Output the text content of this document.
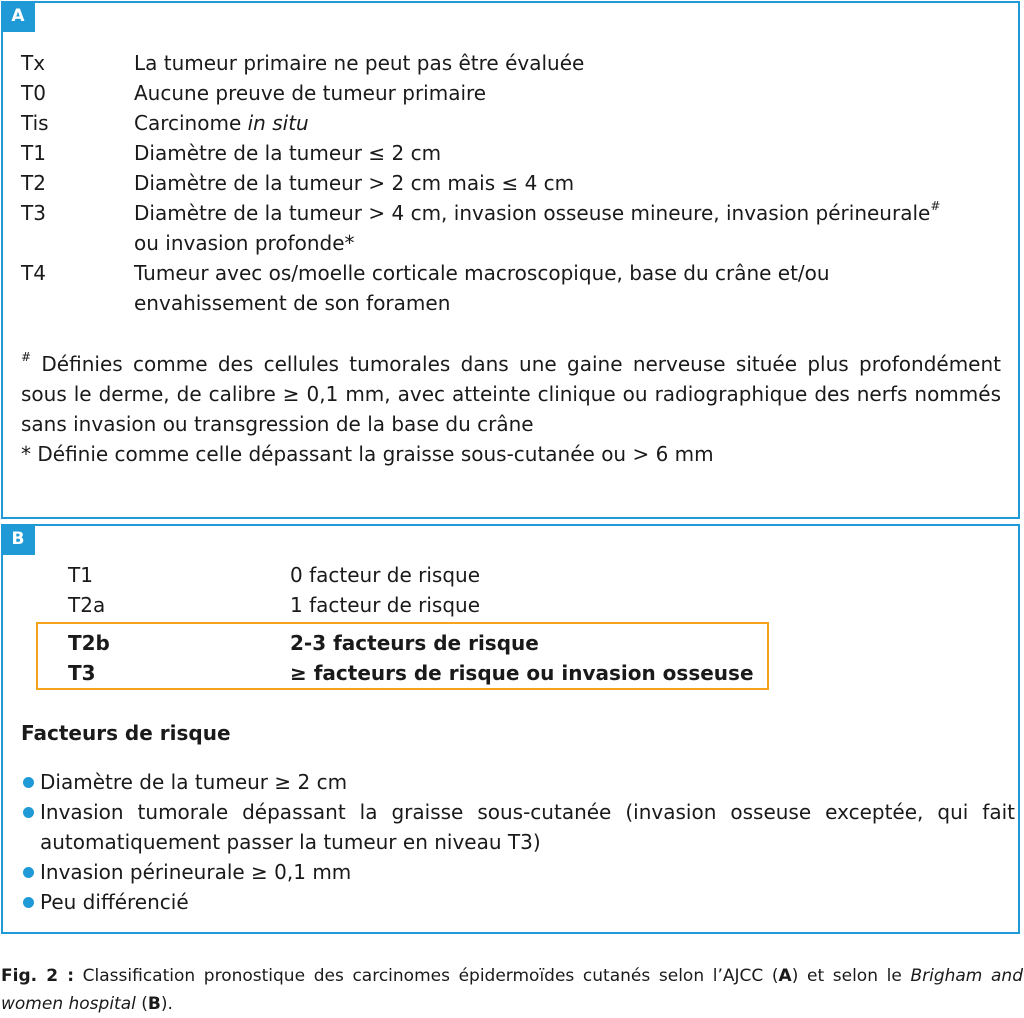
A
Tx	La tumeur primaire ne peut pas être évaluée
T0	Aucune preuve de tumeur primaire
Tis	Carcinome in situ
T1	Diamètre de la tumeur ≤ 2 cm
T2	Diamètre de la tumeur > 2 cm mais ≤ 4 cm
T3	Diamètre de la tumeur > 4 cm, invasion osseuse mineure, invasion périneurale#
ou invasion profonde*
T4	Tumeur avec os/moelle corticale macroscopique, base du crâne et/ou
envahissement de son foramen
# Définies comme des cellules tumorales dans une gaine nerveuse située plus profondément sous le derme, de calibre ≥ 0,1 mm, avec atteinte clinique ou radiographique des nerfs nommés sans invasion ou transgression de la base du crâne
* Définie comme celle dépassant la graisse sous-cutanée ou > 6 mm
B
T1	0 facteur de risque
T2a	1 facteur de risque
T2b	2-3 facteurs de risque
T3	≥ facteurs de risque ou invasion osseuse
Facteurs de risque
Diamètre de la tumeur ≥ 2 cm
Invasion tumorale dépassant la graisse sous-cutanée (invasion osseuse exceptée, qui fait automatiquement passer la tumeur en niveau T3)
Invasion périneurale ≥ 0,1 mm
Peu différencié
Fig. 2 : Classification pronostique des carcinomes épidermoïdes cutanés selon l’AJCC (A) et selon le Brigham and women hospital (B).
